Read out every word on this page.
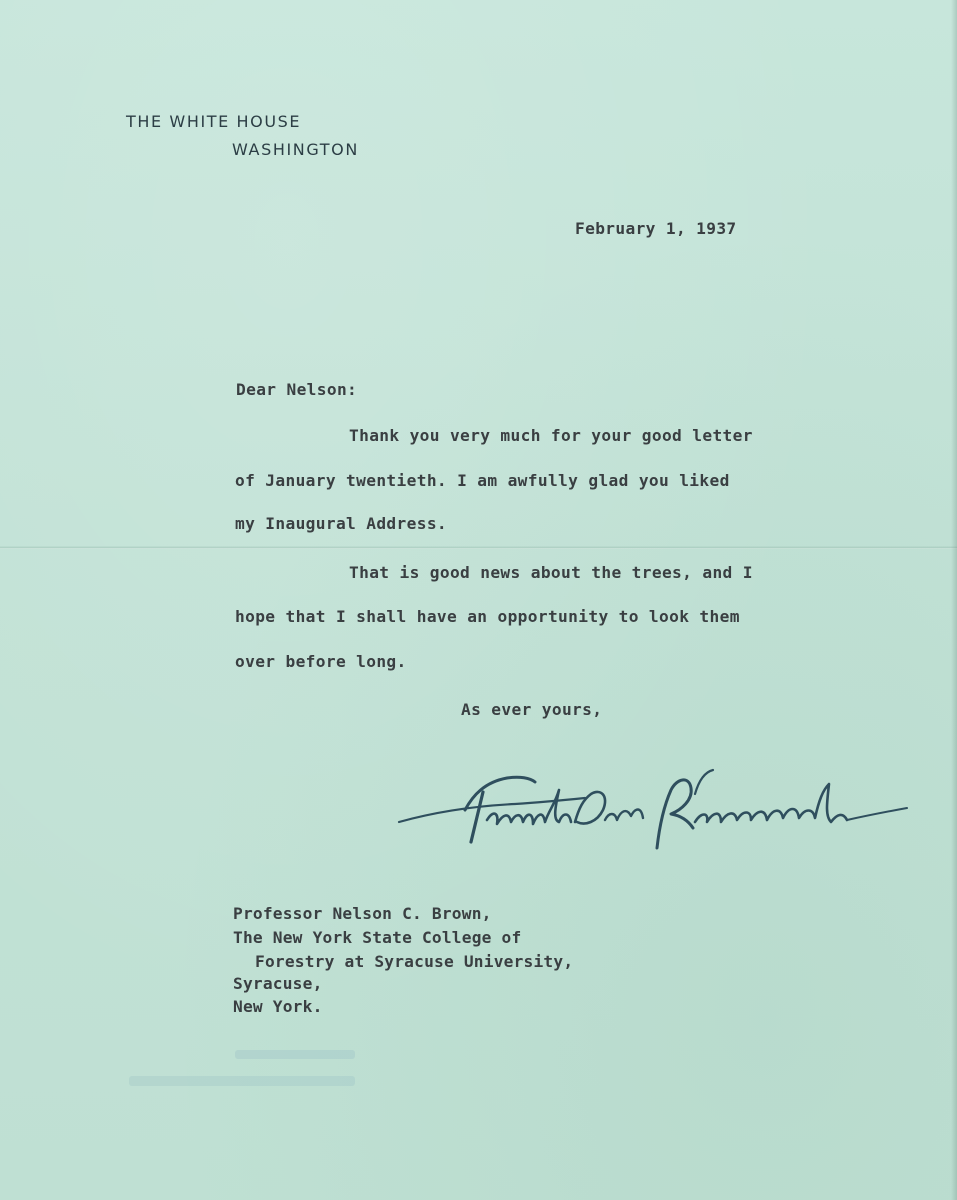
THE WHITE HOUSE
WASHINGTON
February 1, 1937
Dear Nelson:
Thank you very much for your good letter
of January twentieth. I am awfully glad you liked
my Inaugural Address.
That is good news about the trees, and I
hope that I shall have an opportunity to look them
over before long.
As ever yours,
Professor Nelson C. Brown,
The New York State College of
Forestry at Syracuse University,
Syracuse,
New York.
